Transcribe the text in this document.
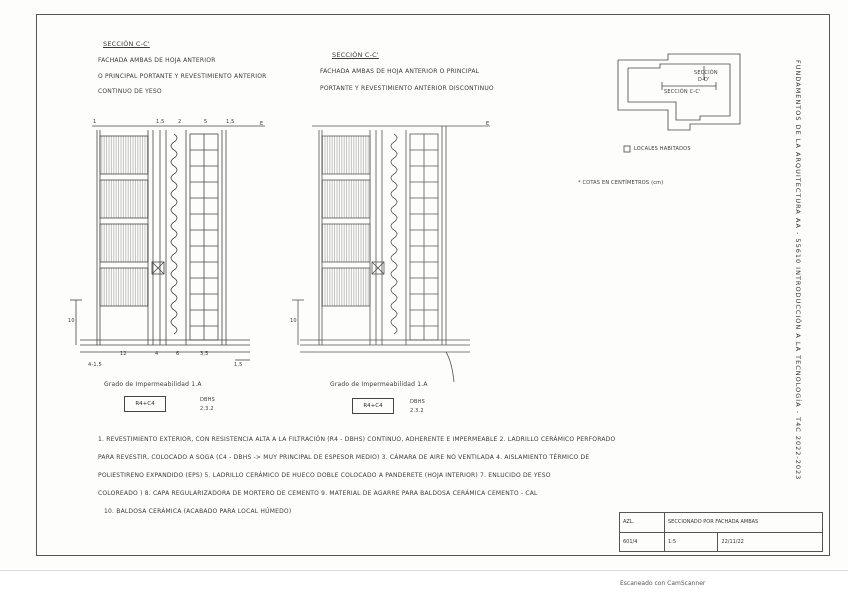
SECCIÓN C-C'
FACHADA AMBAS DE HOJA ANTERIOR
O PRINCIPAL PORTANTE Y REVESTIMIENTO ANTERIOR
CONTINUO DE YESO
SECCIÓN C-C'
FACHADA AMBAS DE HOJA ANTERIOR O PRINCIPAL
PORTANTE Y REVESTIMIENTO ANTERIOR DISCONTINUO
1	1,5	2	5	1,5	E
10
4-1,5
12	4	6	3,5
1,5
Grado de Impermeabilidad 1.A
R4+C4
DBHS
2.3.2
E
10
Grado de Impermeabilidad 1.A
R4+C4
DBHS
2.3.2
SECCIÓN
D-D'
SECCIÓN C-C'
LOCALES HABITADOS
* COTAS EN CENTÍMETROS (cm)
1. REVESTIMIENTO EXTERIOR, CON RESISTENCIA ALTA A LA FILTRACIÓN (R4 - DBHS) CONTINUO, ADHERENTE E IMPERMEABLE 2. LADRILLO CERÁMICO PERFORADO
PARA REVESTIR, COLOCADO A SOGA (C4 - DBHS -> MUY PRINCIPAL DE ESPESOR MEDIO) 3. CÁMARA DE AIRE NO VENTILADA 4. AISLAMIENTO TÉRMICO DE
POLIESTIRENO EXPANDIDO (EPS) 5. LADRILLO CERÁMICO DE HUECO DOBLE COLOCADO A PANDERETE (HOJA INTERIOR) 7. ENLUCIDO DE YESO
COLOREADO ) 8. CAPA REGULARIZADORA DE MORTERO DE CEMENTO 9. MATERIAL DE AGARRE PARA BALDOSA CERÁMICA CEMENTO - CAL
10. BALDOSA CERÁMICA (ACABADO PARA LOCAL HÚMEDO)
FUNDAMENTOS DE LA ARQUITECTURA AA - 55610 INTRODUCCIÓN A LA TECNOLOGÍA - T4C 2022-2023
AZL.	SECCIONADO POR FACHADA AMBAS	
601/4	1:5	22/11/22
Escaneado con CamScanner
